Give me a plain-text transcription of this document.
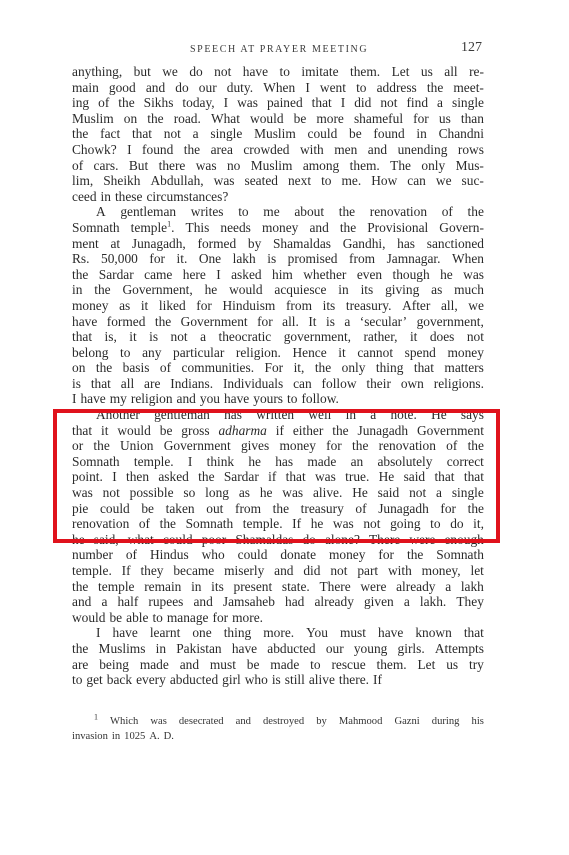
SPEECH AT PRAYER MEETING	127
anything, but we do not have to imitate them. Let us all re-
main good and do our duty. When I went to address the meet-
ing of the Sikhs today, I was pained that I did not find a single
Muslim on the road. What would be more shameful for us than
the fact that not a single Muslim could be found in Chandni
Chowk? I found the area crowded with men and unending rows
of cars. But there was no Muslim among them. The only Mus-
lim, Sheikh Abdullah, was seated next to me. How can we suc-
ceed in these circumstances?
A gentleman writes to me about the renovation of the
Somnath temple$^1$. This needs money and the Provisional Govern-
ment at Junagadh, formed by Shamaldas Gandhi, has sanctioned
Rs. 50,000 for it. One lakh is promised from Jamnagar. When
the Sardar came here I asked him whether even though he was
in the Government, he would acquiesce in its giving as much
money as it liked for Hinduism from its treasury. After all, we
have formed the Government for all. It is a ‘secular’ government,
that is, it is not a theocratic government, rather, it does not
belong to any particular religion. Hence it cannot spend money
on the basis of communities. For it, the only thing that matters
is that all are Indians. Individuals can follow their own religions.
I have my religion and you have yours to follow.
Another gentleman has written well in a note. He says
that it would be gross adharma if either the Junagadh Government
or the Union Government gives money for the renovation of the
Somnath temple. I think he has made an absolutely correct
point. I then asked the Sardar if that was true. He said that that
was not possible so long as he was alive. He said not a single
pie could be taken out from the treasury of Junagadh for the
renovation of the Somnath temple. If he was not going to do it,
he said, what could poor Shamaldas do alone? There were enough
number of Hindus who could donate money for the Somnath
temple. If they became miserly and did not part with money, let
the temple remain in its present state. There were already a lakh
and a half rupees and Jamsaheb had already given a lakh. They
would be able to manage for more.
I have learnt one thing more. You must have known that
the Muslims in Pakistan have abducted our young girls. Attempts
are being made and must be made to rescue them. Let us try
to get back every abducted girl who is still alive there. If
$^1$ Which was desecrated and destroyed by Mahmood Gazni during his
invasion in 1025 A. D.
